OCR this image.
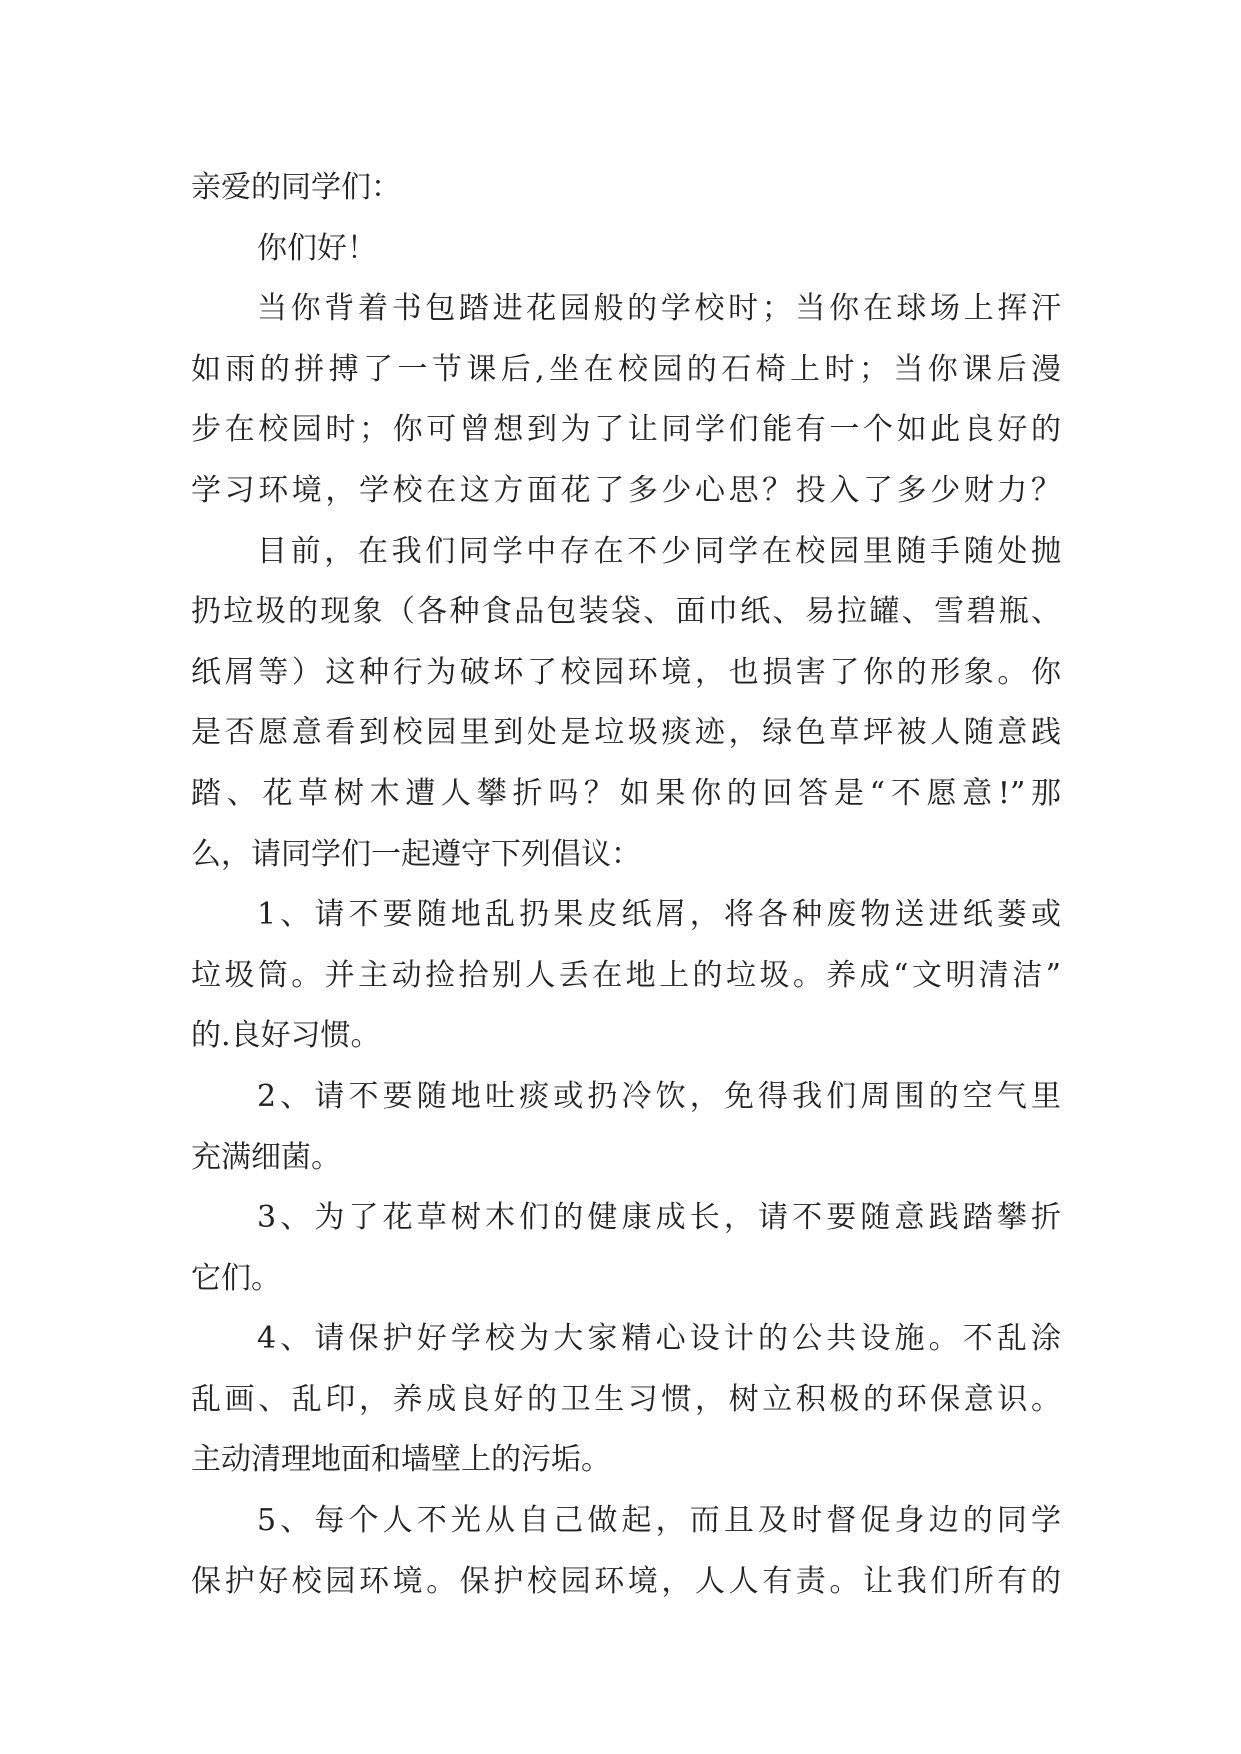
亲爱的同学们：
你们好！
当你背着书包踏进花园般的学校时；当你在球场上挥汗
如雨的拼搏了一节课后,坐在校园的石椅上时；当你课后漫
步在校园时；你可曾想到为了让同学们能有一个如此良好的
学习环境，学校在这方面花了多少心思？投入了多少财力？
目前，在我们同学中存在不少同学在校园里随手随处抛
扔垃圾的现象（各种食品包装袋、面巾纸、易拉罐、雪碧瓶、
纸屑等）这种行为破坏了校园环境，也损害了你的形象。你
是否愿意看到校园里到处是垃圾痰迹，绿色草坪被人随意践
踏、花草树木遭人攀折吗？如果你的回答是“不愿意!”那
么，请同学们一起遵守下列倡议：
1、请不要随地乱扔果皮纸屑，将各种废物送进纸蒌或
垃圾筒。并主动捡拾别人丢在地上的垃圾。养成“文明清洁”
的.良好习惯。
2、请不要随地吐痰或扔冷饮，免得我们周围的空气里
充满细菌。
3、为了花草树木们的健康成长，请不要随意践踏攀折
它们。
4、请保护好学校为大家精心设计的公共设施。不乱涂
乱画、乱印，养成良好的卫生习惯，树立积极的环保意识。
主动清理地面和墙壁上的污垢。
5、每个人不光从自己做起，而且及时督促身边的同学
保护好校园环境。保护校园环境，人人有责。让我们所有的
